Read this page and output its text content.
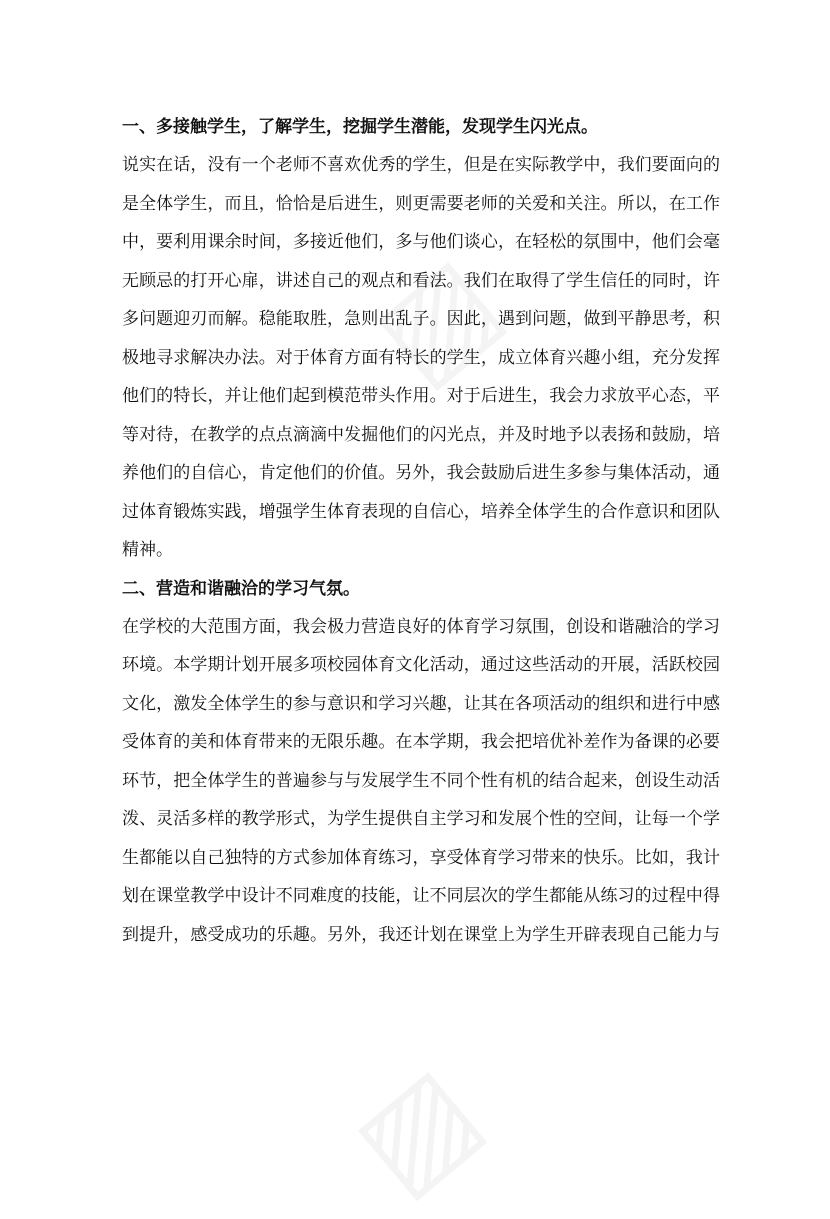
一、多接触学生，了解学生，挖掘学生潜能，发现学生闪光点。
说实在话，没有一个老师不喜欢优秀的学生，但是在实际教学中，我们要面向的
是全体学生，而且，恰恰是后进生，则更需要老师的关爱和关注。所以，在工作
中，要利用课余时间，多接近他们，多与他们谈心，在轻松的氛围中，他们会毫
无顾忌的打开心扉，讲述自己的观点和看法。我们在取得了学生信任的同时，许
多问题迎刃而解。稳能取胜，急则出乱子。因此，遇到问题，做到平静思考，积
极地寻求解决办法。对于体育方面有特长的学生，成立体育兴趣小组，充分发挥
他们的特长，并让他们起到模范带头作用。对于后进生，我会力求放平心态，平
等对待，在教学的点点滴滴中发掘他们的闪光点，并及时地予以表扬和鼓励，培
养他们的自信心，肯定他们的价值。另外，我会鼓励后进生多参与集体活动，通
过体育锻炼实践，增强学生体育表现的自信心，培养全体学生的合作意识和团队
精神。
二、营造和谐融洽的学习气氛。
在学校的大范围方面，我会极力营造良好的体育学习氛围，创设和谐融洽的学习
环境。本学期计划开展多项校园体育文化活动，通过这些活动的开展，活跃校园
文化，激发全体学生的参与意识和学习兴趣，让其在各项活动的组织和进行中感
受体育的美和体育带来的无限乐趣。在本学期，我会把培优补差作为备课的必要
环节，把全体学生的普遍参与与发展学生不同个性有机的结合起来，创设生动活
泼、灵活多样的教学形式，为学生提供自主学习和发展个性的空间，让每一个学
生都能以自己独特的方式参加体育练习，享受体育学习带来的快乐。比如，我计
划在课堂教学中设计不同难度的技能，让不同层次的学生都能从练习的过程中得
到提升，感受成功的乐趣。另外，我还计划在课堂上为学生开辟表现自己能力与
